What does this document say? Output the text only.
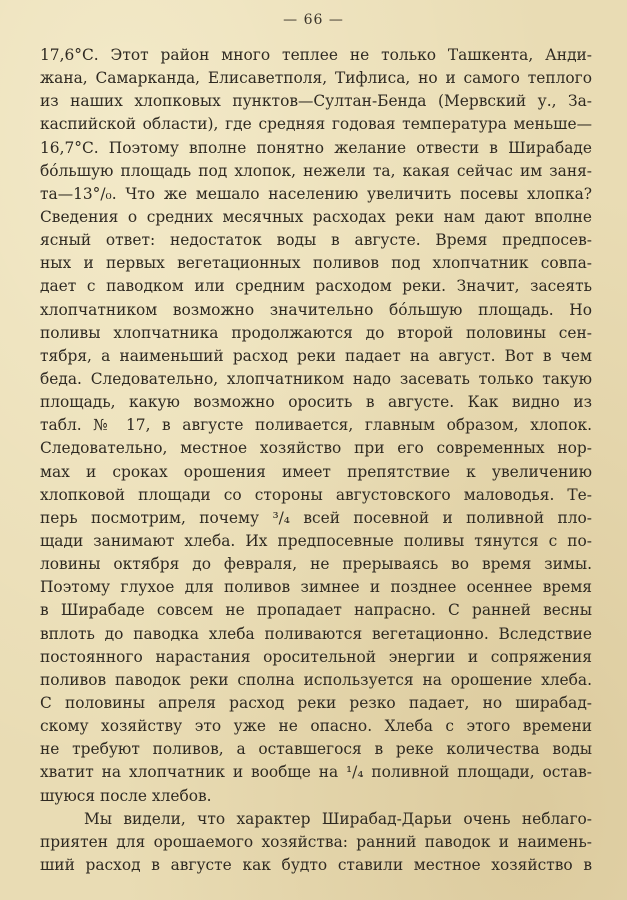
— 66 —
17,6°С. Этот район много теплее не только Ташкента, Анди-
жана, Самарканда, Елисаветполя, Тифлиса, но и самого теплого
из наших хлопковых пунктов—Султан-Бенда (Мервский у., За-
каспийской области), где средняя годовая температура меньше—
16,7°С. Поэтому вполне понятно желание отвести в Ширабаде
бо́льшую площадь под хлопок, нежели та, какая сейчас им заня-
та—13°/₀. Что же мешало населению увеличить посевы хлопка?
Сведения о средних месячных расходах реки нам дают вполне
ясный ответ: недостаток воды в августе. Время предпосев-
ных и первых вегетационных поливов под хлопчатник совпа-
дает с паводком или средним расходом реки. Значит, засеять
хлопчатником возможно значительно бо́льшую площадь. Но
поливы хлопчатника продолжаются до второй половины сен-
тября, а наименьший расход реки падает на август. Вот в чем
беда. Следовательно, хлопчатником надо засевать только такую
площадь, какую возможно оросить в августе. Как видно из
табл. № 17, в августе поливается, главным образом, хлопок.
Следовательно, местное хозяйство при его современных нор-
мах и сроках орошения имеет препятствие к увеличению
хлопковой площади со стороны августовского маловодья. Те-
перь посмотрим, почему ³/₄ всей посевной и поливной пло-
щади занимают хлеба. Их предпосевные поливы тянутся с по-
ловины октября до февраля, не прерываясь во время зимы.
Поэтому глухое для поливов зимнее и позднее осеннее время
в Ширабаде совсем не пропадает напрасно. С ранней весны
вплоть до паводка хлеба поливаются вегетационно. Вследствие
постоянного нарастания оросительной энергии и сопряжения
поливов паводок реки сполна используется на орошение хлеба.
С половины апреля расход реки резко падает, но ширабад-
скому хозяйству это уже не опасно. Хлеба с этого времени
не требуют поливов, а оставшегося в реке количества воды
хватит на хлопчатник и вообще на ¹/₄ поливной площади, остав-
шуюся после хлебов.
Мы видели, что характер Ширабад-Дарьи очень неблаго-
приятен для орошаемого хозяйства: ранний паводок и наимень-
ший расход в августе как будто ставили местное хозяйство в
